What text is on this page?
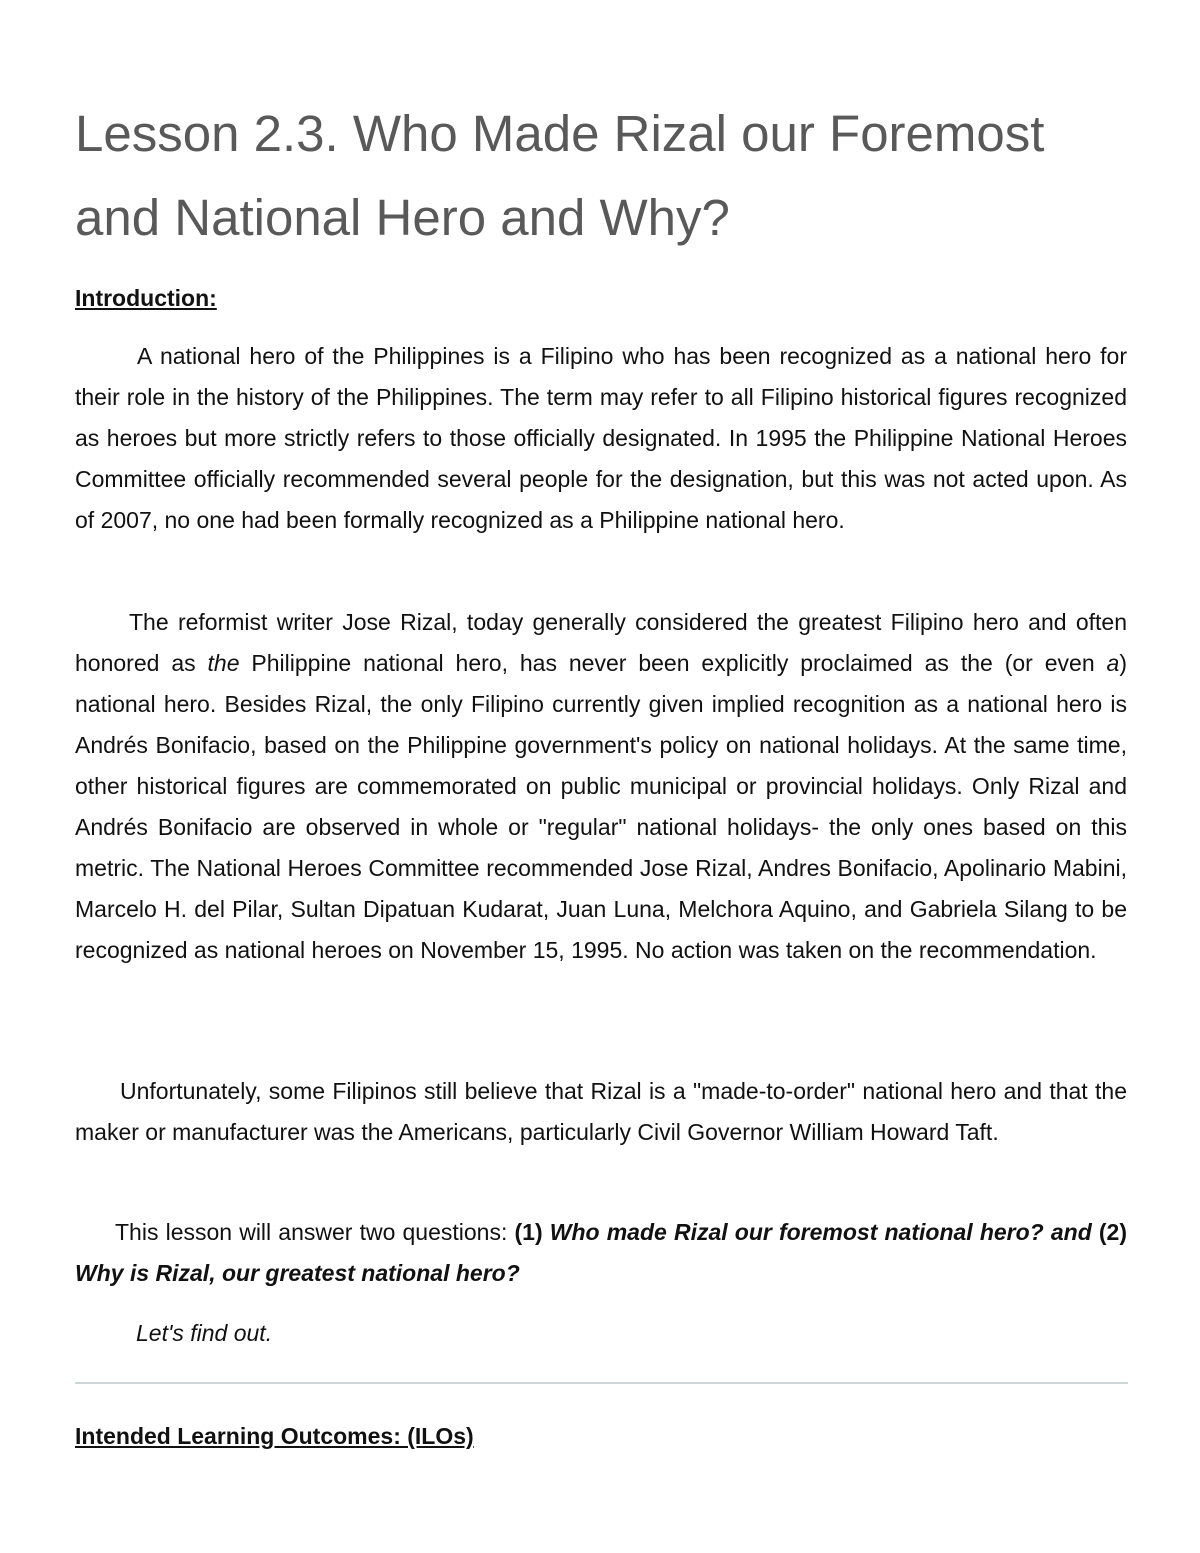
Lesson 2.3. Who Made Rizal our Foremost and National Hero and Why?
Introduction:

A national hero of the Philippines is a Filipino who has been recognized as a national hero for their role in the history of the Philippines. The term may refer to all Filipino historical figures recognized as heroes but more strictly refers to those officially designated. In 1995 the Philippine National Heroes Committee officially recommended several people for the designation, but this was not acted upon. As of 2007, no one had been formally recognized as a Philippine national hero.

The reformist writer Jose Rizal, today generally considered the greatest Filipino hero and often honored as the Philippine national hero, has never been explicitly proclaimed as the (or even a) national hero. Besides Rizal, the only Filipino currently given implied recognition as a national hero is Andrés Bonifacio, based on the Philippine government's policy on national holidays. At the same time, other historical figures are commemorated on public municipal or provincial holidays. Only Rizal and Andrés Bonifacio are observed in whole or "regular" national holidays- the only ones based on this metric. The National Heroes Committee recommended Jose Rizal, Andres Bonifacio, Apolinario Mabini, Marcelo H. del Pilar, Sultan Dipatuan Kudarat, Juan Luna, Melchora Aquino, and Gabriela Silang to be recognized as national heroes on November 15, 1995. No action was taken on the recommendation.

Unfortunately, some Filipinos still believe that Rizal is a "made-to-order" national hero and that the maker or manufacturer was the Americans, particularly Civil Governor William Howard Taft.

This lesson will answer two questions: (1) Who made Rizal our foremost national hero? and (2) Why is Rizal, our greatest national hero?

Let's find out.

Intended Learning Outcomes: (ILOs)
